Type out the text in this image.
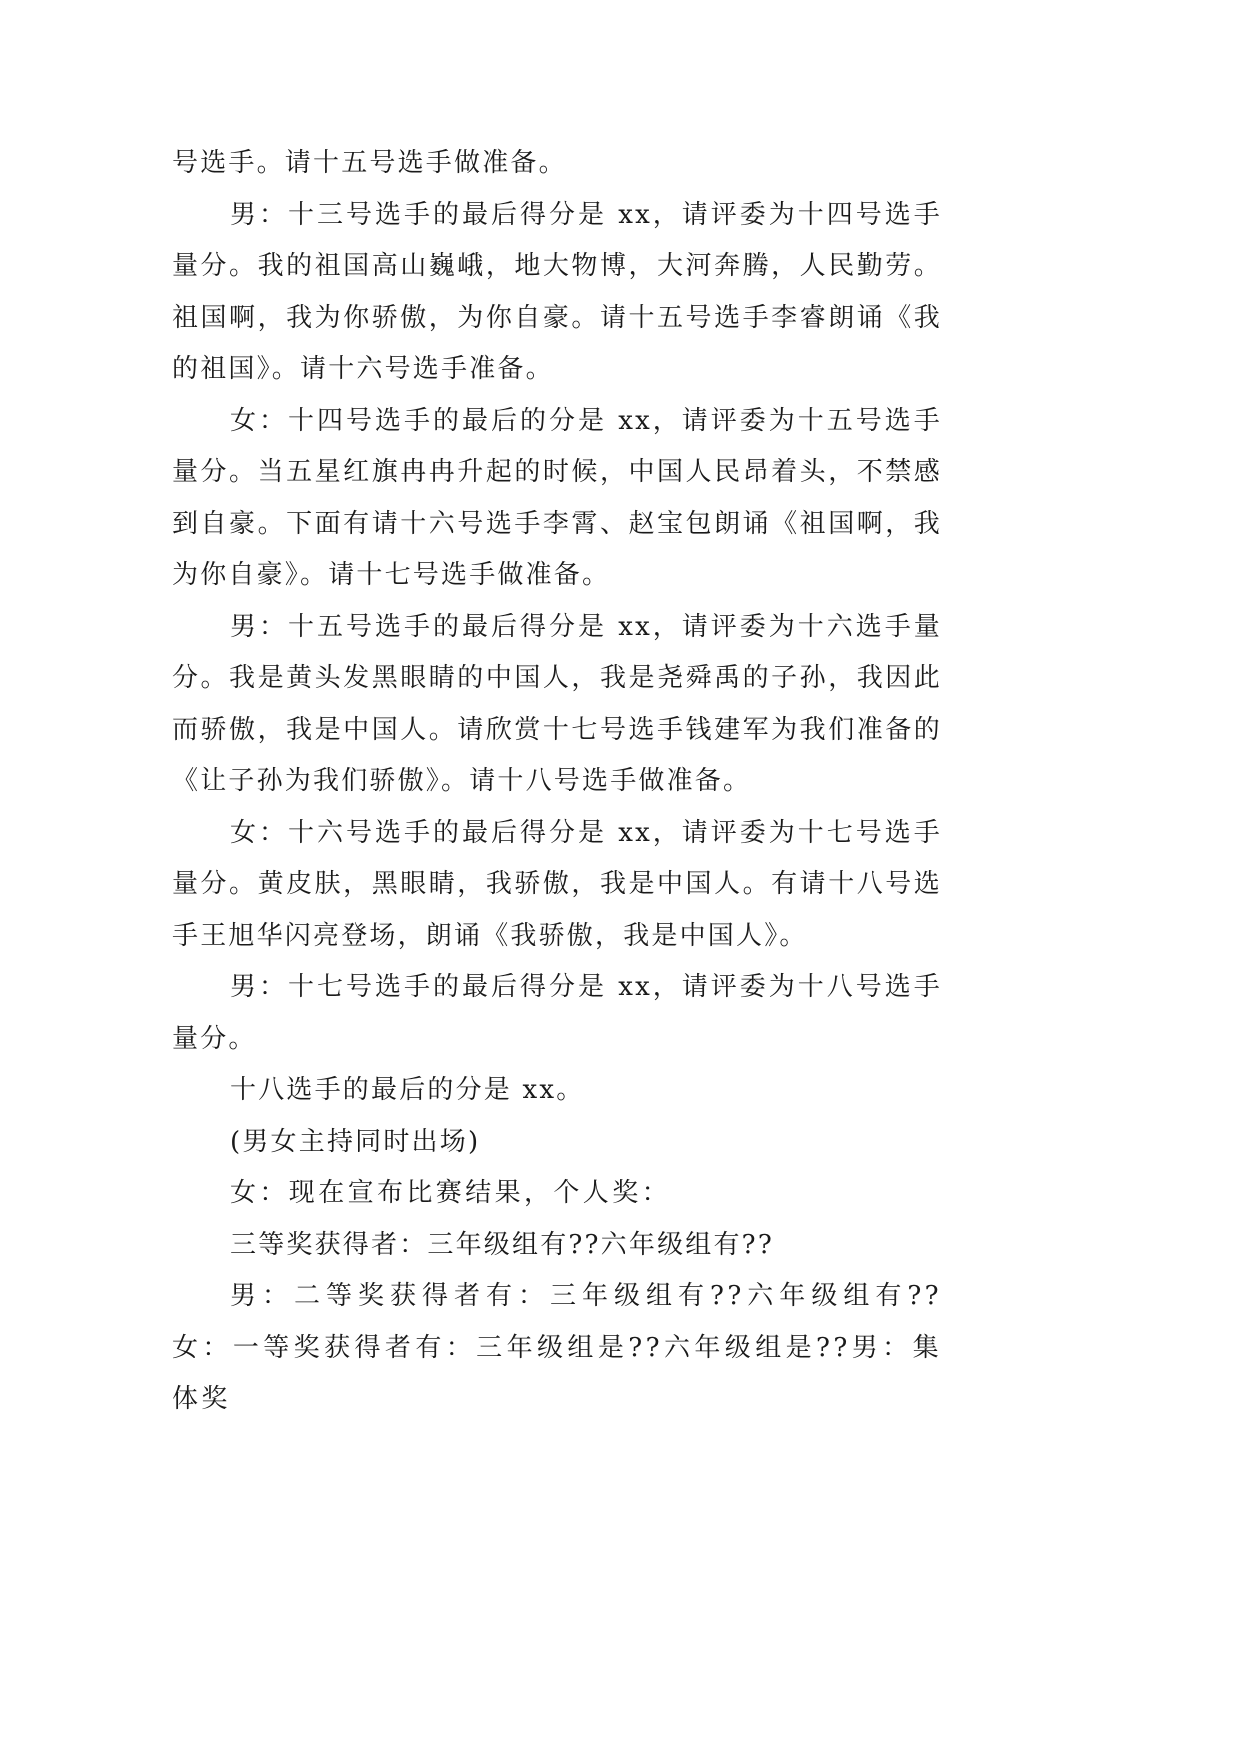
号选手。请十五号选手做准备。

男：十三号选手的最后得分是 xx，请评委为十四号选手量分。我的祖国高山巍峨，地大物博，大河奔腾，人民勤劳。祖国啊，我为你骄傲，为你自豪。请十五号选手李睿朗诵《我的祖国》。请十六号选手准备。

女：十四号选手的最后的分是 xx，请评委为十五号选手量分。当五星红旗冉冉升起的时候，中国人民昂着头，不禁感到自豪。下面有请十六号选手李霄、赵宝包朗诵《祖国啊，我为你自豪》。请十七号选手做准备。

男：十五号选手的最后得分是 xx，请评委为十六选手量分。我是黄头发黑眼睛的中国人，我是尧舜禹的子孙，我因此而骄傲，我是中国人。请欣赏十七号选手钱建军为我们准备的《让子孙为我们骄傲》。请十八号选手做准备。

女：十六号选手的最后得分是 xx，请评委为十七号选手量分。黄皮肤，黑眼睛，我骄傲，我是中国人。有请十八号选手王旭华闪亮登场，朗诵《我骄傲，我是中国人》。

男：十七号选手的最后得分是 xx，请评委为十八号选手量分。

十八选手的最后的分是 xx。

(男女主持同时出场)

女：现在宣布比赛结果，个人奖：

三等奖获得者：三年级组有??六年级组有??

男：二等奖获得者有：三年级组有??六年级组有??女：一等奖获得者有：三年级组是??六年级组是??男：集体奖
